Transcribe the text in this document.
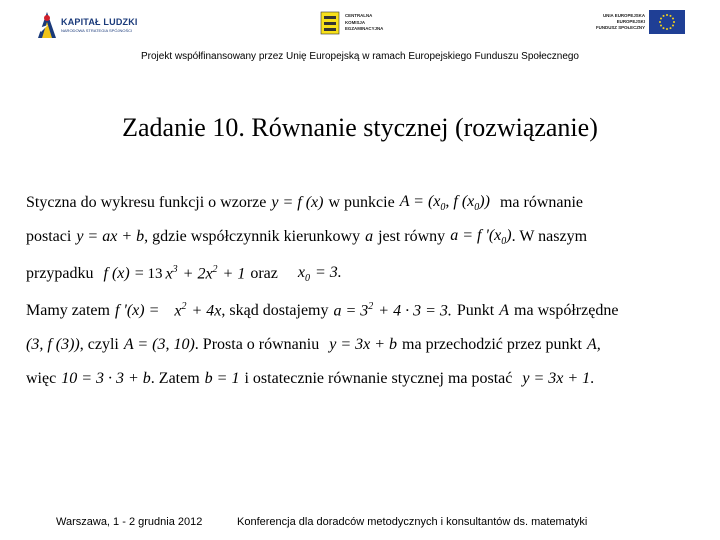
KAPITAŁ LUDZKI
NARODOWA STRATEGIA SPÓJNOŚCI
CENTRALNA
KOMISJA
EGZAMINACYJNA
UNIA EUROPEJSKA
EUROPEJSKI
FUNDUSZ SPOŁECZNY
Projekt współfinansowany przez Unię Europejską w ramach Europejskiego Funduszu Społecznego
Zadanie 10. Równanie stycznej (rozwiązanie)
Styczna do wykresu funkcji o wzorze y = f (x) w punkcie $A = (x_0$, f $(x_0)$) ma równanie
postaci y = ax + b , gdzie współczynnik kierunkowy a jest równy a = f '$(x_0)$ . W naszym
przypadku f (x) = 13 $x^3 + 2x^2 + 1$ oraz $x_0 = 3$.
Mamy zatem f '$(x) = x^2 + 4x$ , skąd dostajemy $a = 3^2 + 4 \cdot 3 = 3$. Punkt A ma współrzędne
(3, f (3)) , czyli A = (3, 10) . Prosta o równaniu y = 3x + b ma przechodzić przez punkt A,
więc 10 = 3 · 3 + b . Zatem b = 1 i ostatecznie równanie stycznej ma postać y = 3x + 1 .
Warszawa, 1 - 2 grudnia 2012	Konferencja dla doradców metodycznych i konsultantów ds. matematyki
